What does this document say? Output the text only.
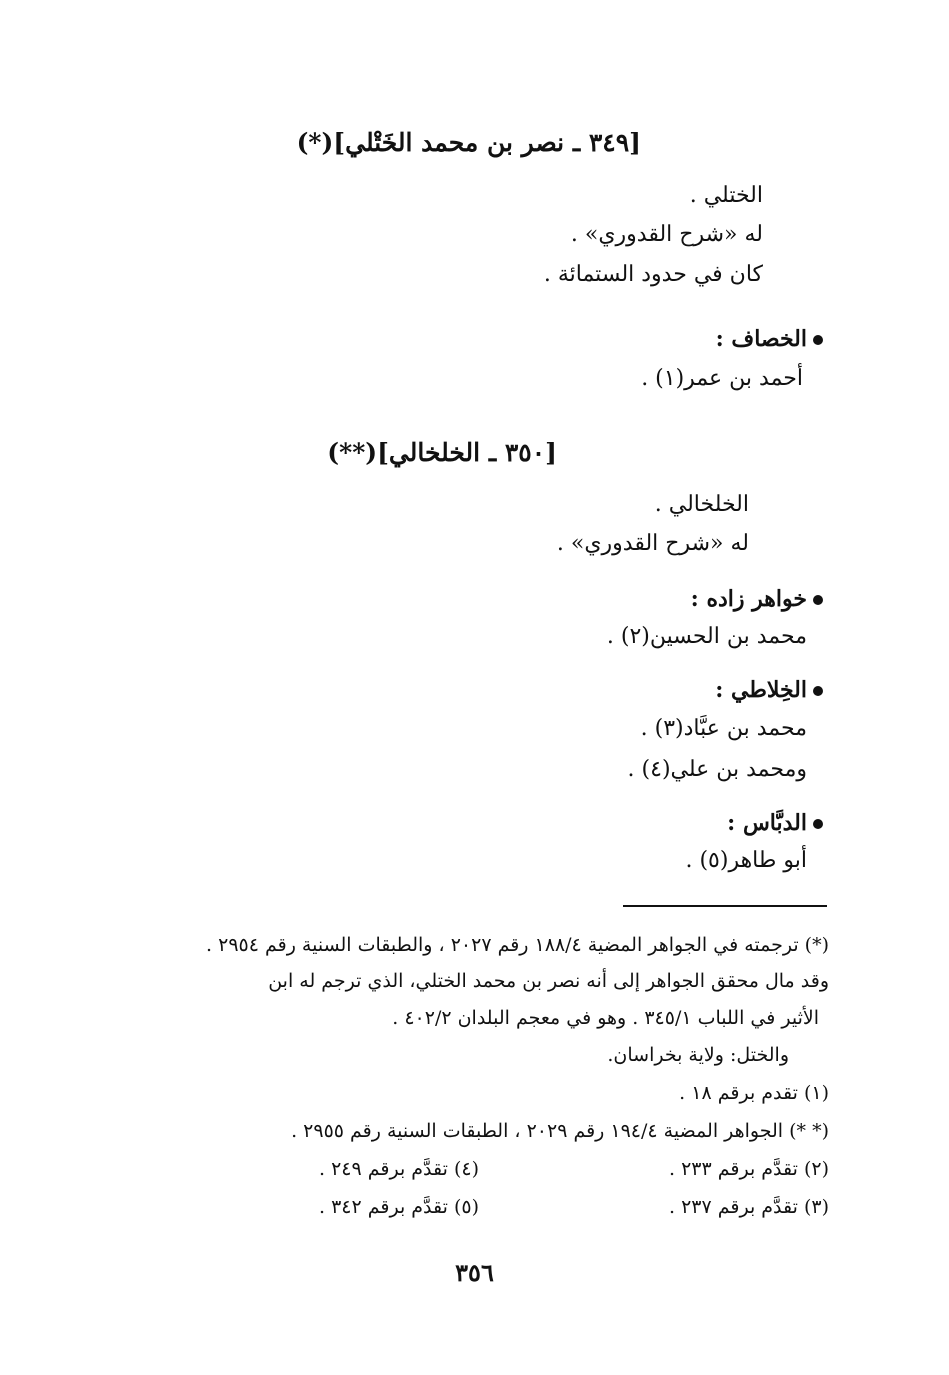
[٣٤٩ ـ نصر بن محمد الخَتْلي](*)
الختلي .
له «شرح القدوري» .
كان في حدود الستمائة .
الخصاف :
أحمد بن عمر(١) .
[٣٥٠ ـ الخلخالي](**)
الخلخالي .
له «شرح القدوري» .
خواهر زاده :
محمد بن الحسين(٢) .
الخِلاطي :
محمد بن عبَّاد(٣) .
ومحمد بن علي(٤) .
الدبَّاس :
أبو طاهر(٥) .
(*) ترجمته في الجواهر المضية ١٨٨/٤ رقم ٢٠٢٧ ، والطبقات السنية رقم ٢٩٥٤ .
وقد مال محقق الجواهر إلى أنه نصر بن محمد الختلي، الذي ترجم له ابن
الأثير في اللباب ٣٤٥/١ . وهو في معجم البلدان ٤٠٢/٢ .
والختل: ولاية بخراسان.
(١) تقدم برقم ١٨ .
(* *) الجواهر المضية ١٩٤/٤ رقم ٢٠٢٩ ، الطبقات السنية رقم ٢٩٥٥ .
(٢) تقدَّم برقم ٢٣٣ .
(٤) تقدَّم برقم ٢٤٩ .
(٣) تقدَّم برقم ٢٣٧ .
(٥) تقدَّم برقم ٣٤٢ .
٣٥٦
